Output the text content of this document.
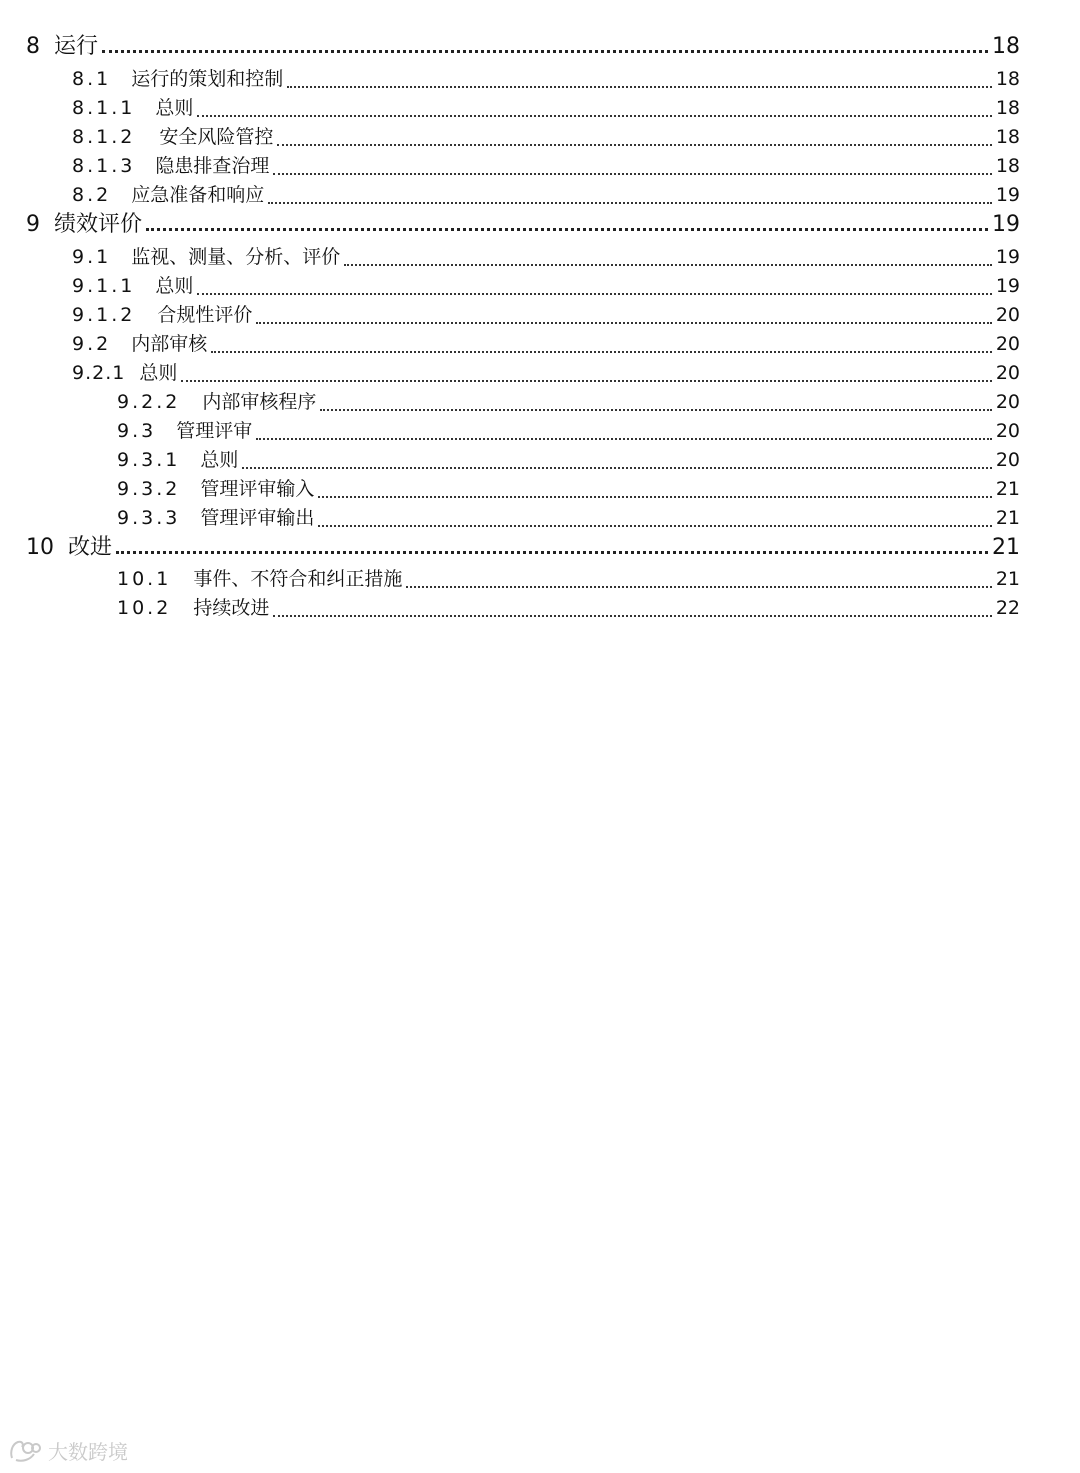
8 运行	18
8.1 运行的策划和控制	18
8.1.1 总则	18
8.1.2 安全风险管控	18
8.1.3 隐患排查治理	18
8.2 应急准备和响应	19
9 绩效评价	19
9.1 监视、测量、分析、评价	19
9.1.1 总则	19
9.1.2 合规性评价	20
9.2 内部审核	20
9.2.1 总则	20
9.2.2 内部审核程序	20
9.3 管理评审	20
9.3.1 总则	20
9.3.2 管理评审输入	21
9.3.3 管理评审输出	21
10 改进	21
10.1 事件、不符合和纠正措施	21
10.2 持续改进	22
大数跨境
